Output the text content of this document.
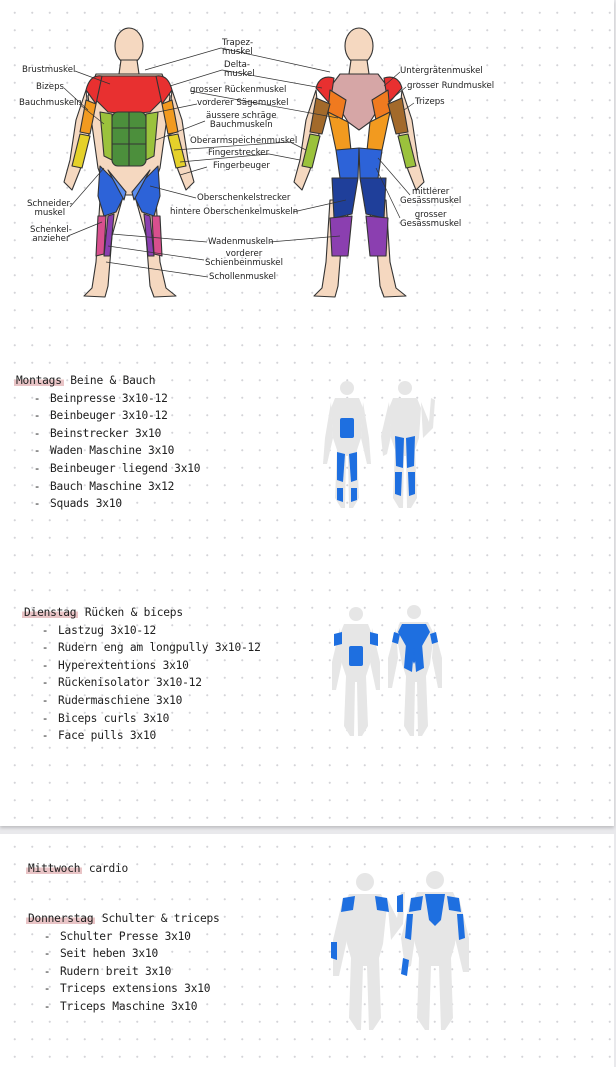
Brustmuskel
Bizeps
Bauchmuskeln
Schneider-
muskel
Schenkel-
anzieher
Trapez-
muskel
Delta-
muskel
grosser Rückenmuskel
vorderer Sägemuskel
äussere schräge
Bauchmuskeln
Oberarmspeichenmuskel
Fingerstrecker
Fingerbeuger
Oberschenkelstrecker
hintere Oberschenkelmuskeln
Wadenmuskeln
vorderer
Schienbeinmuskel
Schollenmuskel
Untergrätenmuskel
grosser Rundmuskel
Trizeps
mittlerer
Gesässmuskel
grosser
Gesässmuskel
Montags Beine & Bauch
- Beinpresse 3x10-12
- Beinbeuger 3x10-12
- Beinstrecker 3x10
- Waden Maschine 3x10
- Beinbeuger liegend 3x10
- Bauch Maschine 3x12
- Squads 3x10
Dienstag Rücken & biceps
- Lastzug 3x10-12
- Rudern eng am longpully 3x10-12
- Hyperextentions 3x10
- Rückenisolator 3x10-12
- Rudermaschiene 3x10
- Biceps curls 3x10
- Face pulls 3x10
Mittwoch cardio
Donnerstag Schulter & triceps
- Schulter Presse 3x10
- Seit heben 3x10
- Rudern breit 3x10
- Triceps extensions 3x10
- Triceps Maschine 3x10
